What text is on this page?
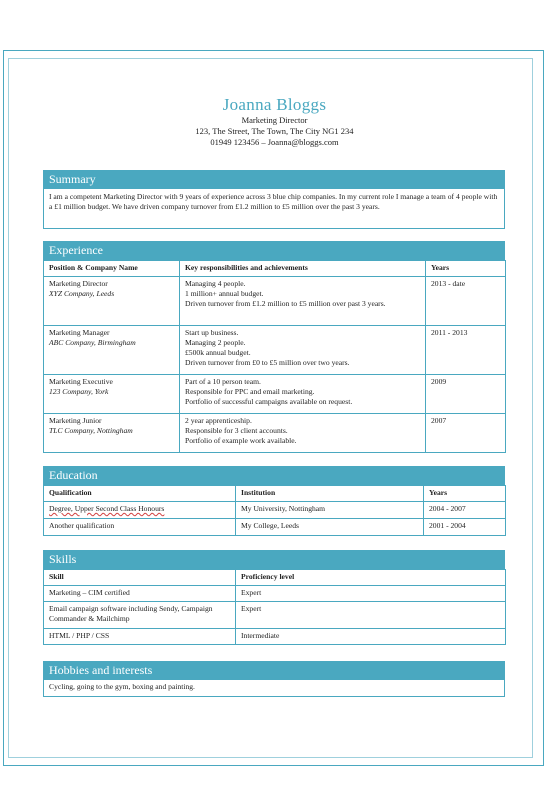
Joanna Bloggs
Marketing Director
123, The Street, The Town, The City NG1 234
01949 123456 – Joanna@bloggs.com
Summary
I am a competent Marketing Director with 9 years of experience across 3 blue chip companies. In my current role I manage a team of 4 people with a £1 million budget. We have driven company turnover from £1.2 million to £5 million over the past 3 years.
Experience
Position & Company Name	Key responsibilities and achievements	Years

Marketing Director
XYZ Company, Leeds	Managing 4 people.
1 million+ annual budget.
Driven turnover from £1.2 million to £5 million over past 3 years.	2013 - date

Marketing Manager
ABC Company, Birmingham	Start up business.
Managing 2 people.
£500k annual budget.
Driven turnover from £0 to £5 million over two years.	2011 - 2013

Marketing Executive
123 Company, York	Part of a 10 person team.
Responsible for PPC and email marketing.
Portfolio of successful campaigns available on request.	2009

Marketing Junior
TLC Company, Nottingham	2 year apprenticeship.
Responsible for 3 client accounts.
Portfolio of example work available.	2007
Education
Qualification	Institution	Years
Degree, Upper Second Class Honours	My University, Nottingham	2004 - 2007
Another qualification	My College, Leeds	2001 - 2004
Skills
Skill	Proficiency level
Marketing – CIM certified	Expert
Email campaign software including Sendy, Campaign Commander & Mailchimp	Expert
HTML / PHP / CSS	Intermediate
Hobbies and interests
Cycling, going to the gym, boxing and painting.
